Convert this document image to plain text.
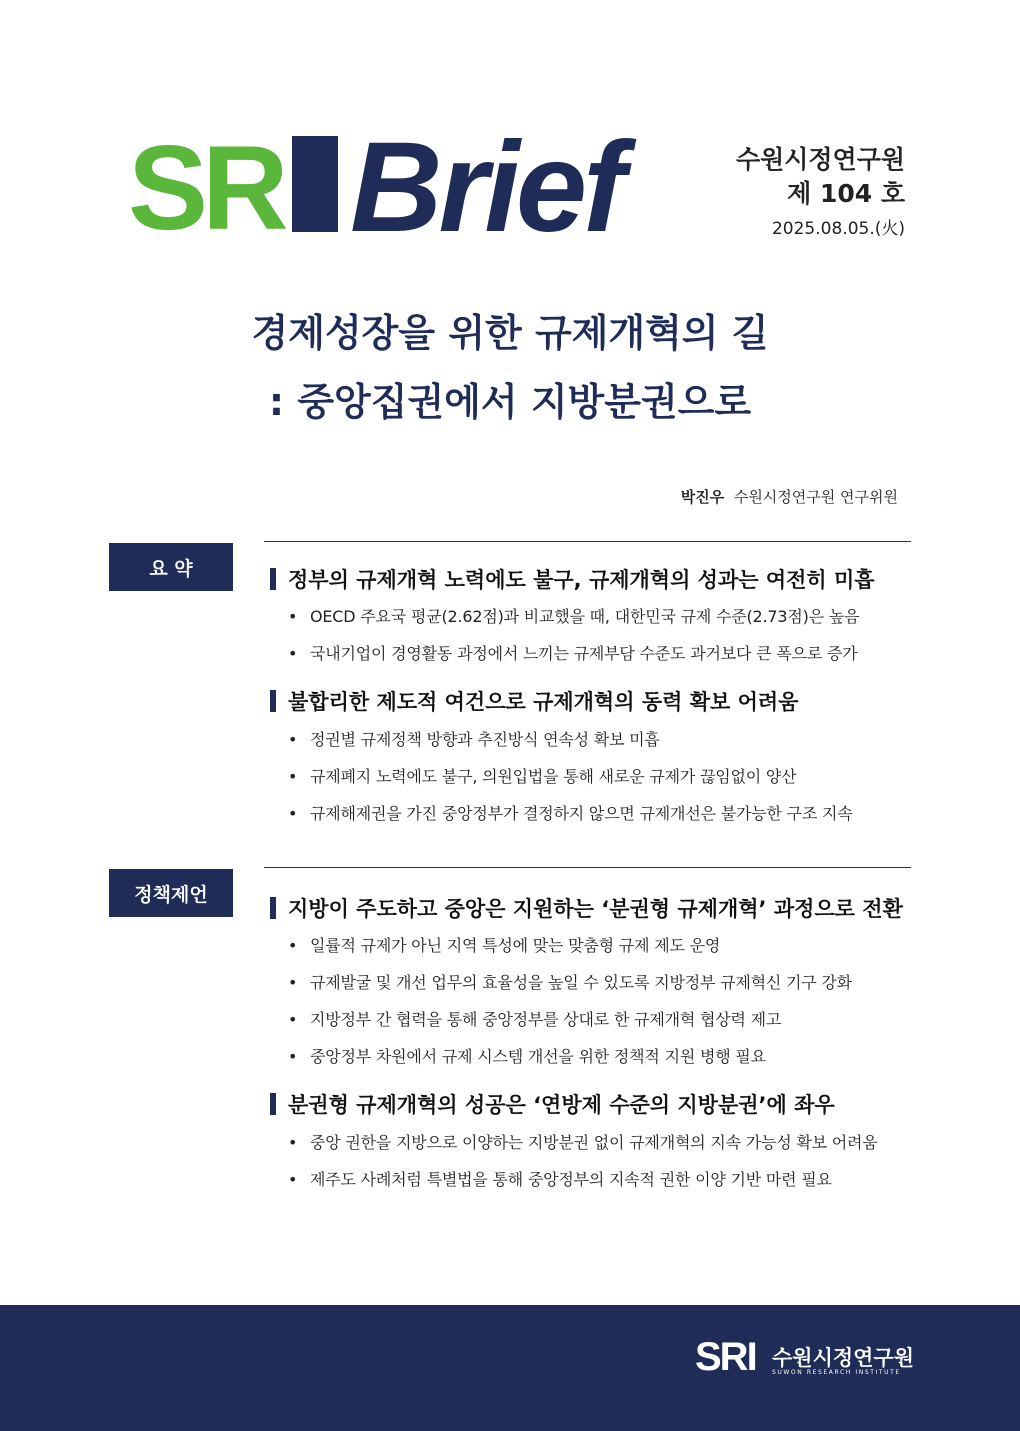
SR Brief	수원시정연구원
제 104 호
2025.08.05.(火)
경제성장을 위한 규제개혁의 길
: 중앙집권에서 지방분권으로
박진우 수원시정연구원 연구위원
요 약	정부의 규제개혁 노력에도 불구, 규제개혁의 성과는 여전히 미흡
• OECD 주요국 평균(2.62점)과 비교했을 때, 대한민국 규제 수준(2.73점)은 높음
• 국내기업이 경영활동 과정에서 느끼는 규제부담 수준도 과거보다 큰 폭으로 증가
불합리한 제도적 여건으로 규제개혁의 동력 확보 어려움
• 정권별 규제정책 방향과 추진방식 연속성 확보 미흡
• 규제폐지 노력에도 불구, 의원입법을 통해 새로운 규제가 끊임없이 양산
• 규제해제권을 가진 중앙정부가 결정하지 않으면 규제개선은 불가능한 구조 지속
정책제언
지방이 주도하고 중앙은 지원하는 ‘분권형 규제개혁’ 과정으로 전환
• 일률적 규제가 아닌 지역 특성에 맞는 맞춤형 규제 제도 운영
• 규제발굴 및 개선 업무의 효율성을 높일 수 있도록 지방정부 규제혁신 기구 강화
• 지방정부 간 협력을 통해 중앙정부를 상대로 한 규제개혁 협상력 제고
• 중앙정부 차원에서 규제 시스템 개선을 위한 정책적 지원 병행 필요
분권형 규제개혁의 성공은 ‘연방제 수준의 지방분권’에 좌우
• 중앙 권한을 지방으로 이양하는 지방분권 없이 규제개혁의 지속 가능성 확보 어려움
• 제주도 사례처럼 특별법을 통해 중앙정부의 지속적 권한 이양 기반 마련 필요
SRI 수원시정연구원
SUWON RESEARCH INSTITUTE
